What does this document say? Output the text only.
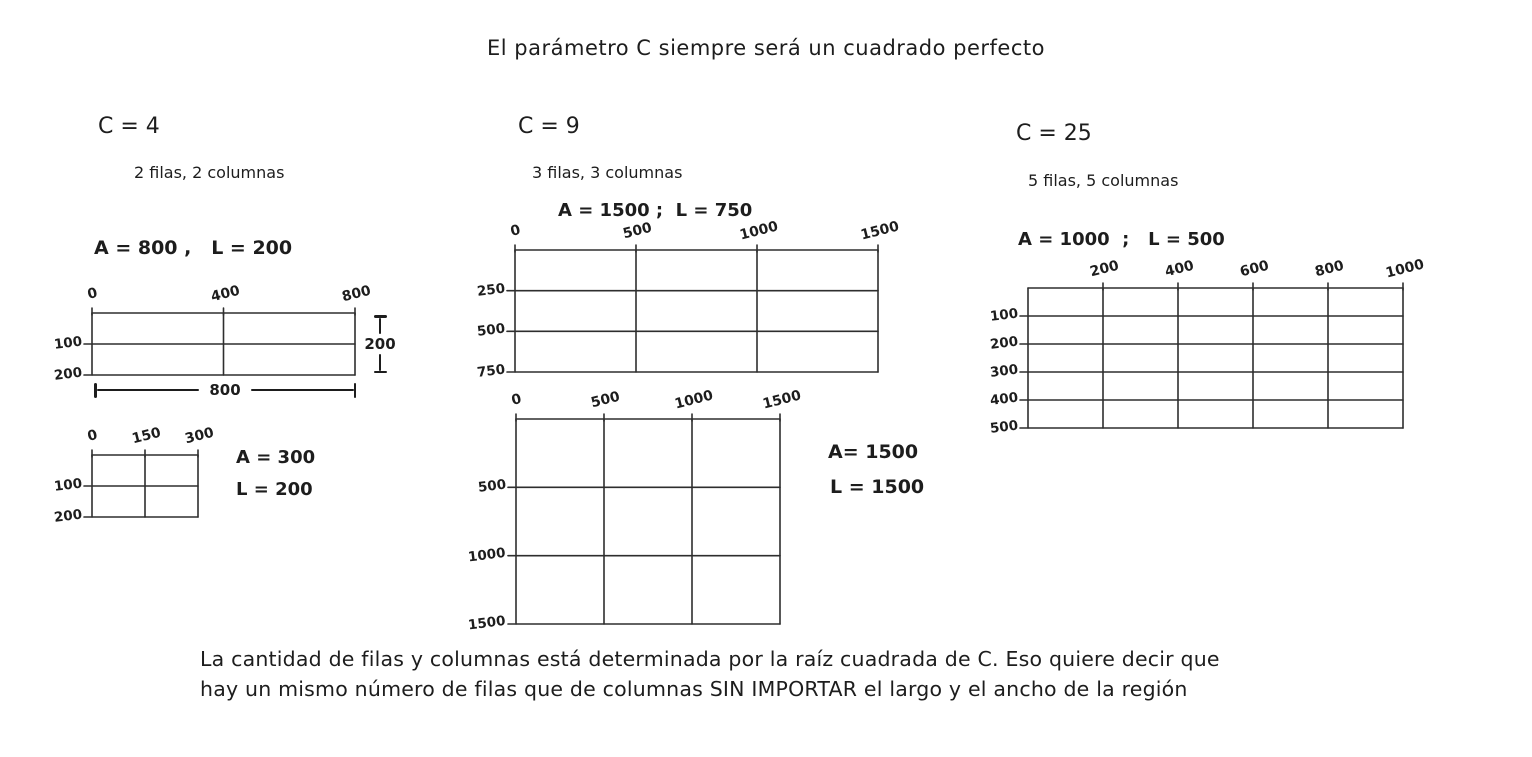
El parámetro C siempre será un cuadrado perfecto
C = 4
2 filas, 2 columnas
A = 800 ,   L = 200
0	400	800
100
200
200
800
0 150 300
100
200
A = 300
L = 200
C = 9
3 filas, 3 columnas
A = 1500 ;  L = 750
0	500	1000	1500
250
500
750
0	500	1000	1500
500
1000
1500
A= 1500
L = 1500
C = 25
5 filas, 5 columnas
A = 1000  ;   L = 500
200	400	600	800	1000
100
200
300
400
500
La cantidad de filas y columnas está determinada por la raíz cuadrada de C. Eso quiere decir que
hay un mismo número de filas que de columnas SIN IMPORTAR el largo y el ancho de la región
